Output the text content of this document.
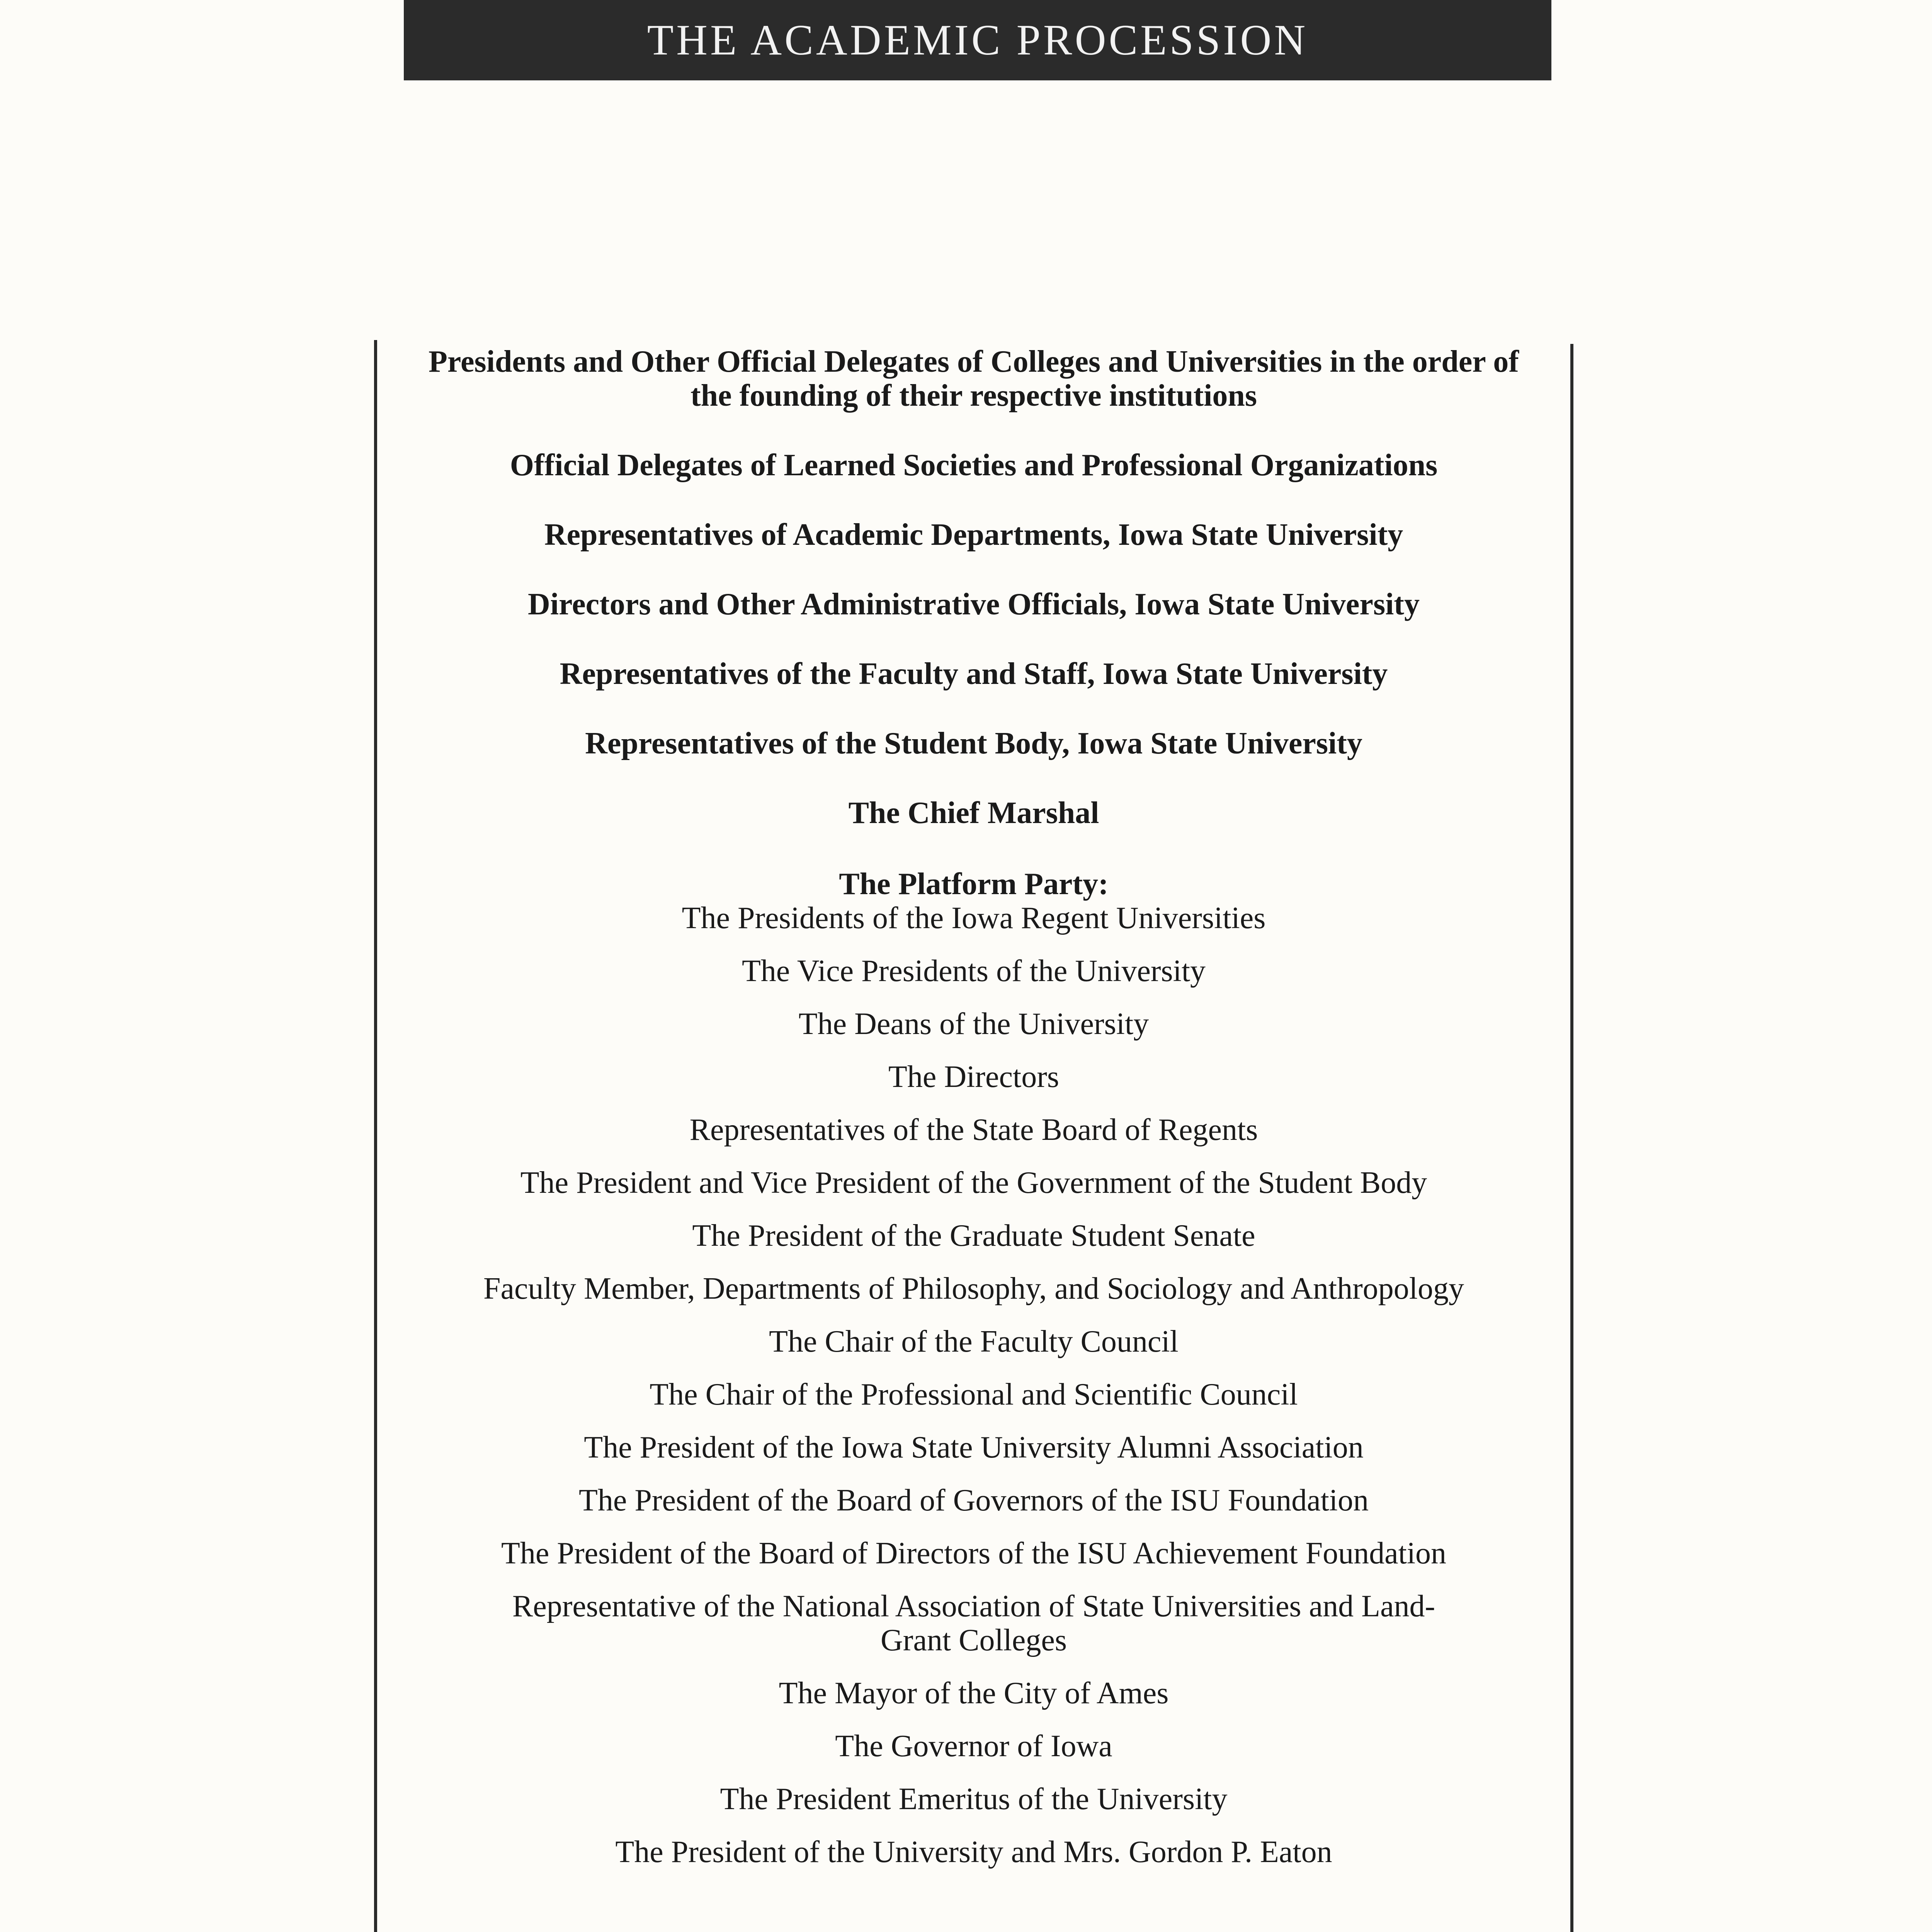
THE ACADEMIC PROCESSION
Presidents and Other Official Delegates of Colleges and Universities in the order of the founding of their respective institutions
Official Delegates of Learned Societies and Professional Organizations
Representatives of Academic Departments, Iowa State University
Directors and Other Administrative Officials, Iowa State University
Representatives of the Faculty and Staff, Iowa State University
Representatives of the Student Body, Iowa State University
The Chief Marshal
The Platform Party:
The Presidents of the Iowa Regent Universities
The Vice Presidents of the University
The Deans of the University
The Directors
Representatives of the State Board of Regents
The President and Vice President of the Government of the Student Body
The President of the Graduate Student Senate
Faculty Member, Departments of Philosophy, and Sociology and Anthropology
The Chair of the Faculty Council
The Chair of the Professional and Scientific Council
The President of the Iowa State University Alumni Association
The President of the Board of Governors of the ISU Foundation
The President of the Board of Directors of the ISU Achievement Foundation
Representative of the National Association of State Universities and Land-Grant Colleges
The Mayor of the City of Ames
The Governor of Iowa
The President Emeritus of the University
The President of the University and Mrs. Gordon P. Eaton
